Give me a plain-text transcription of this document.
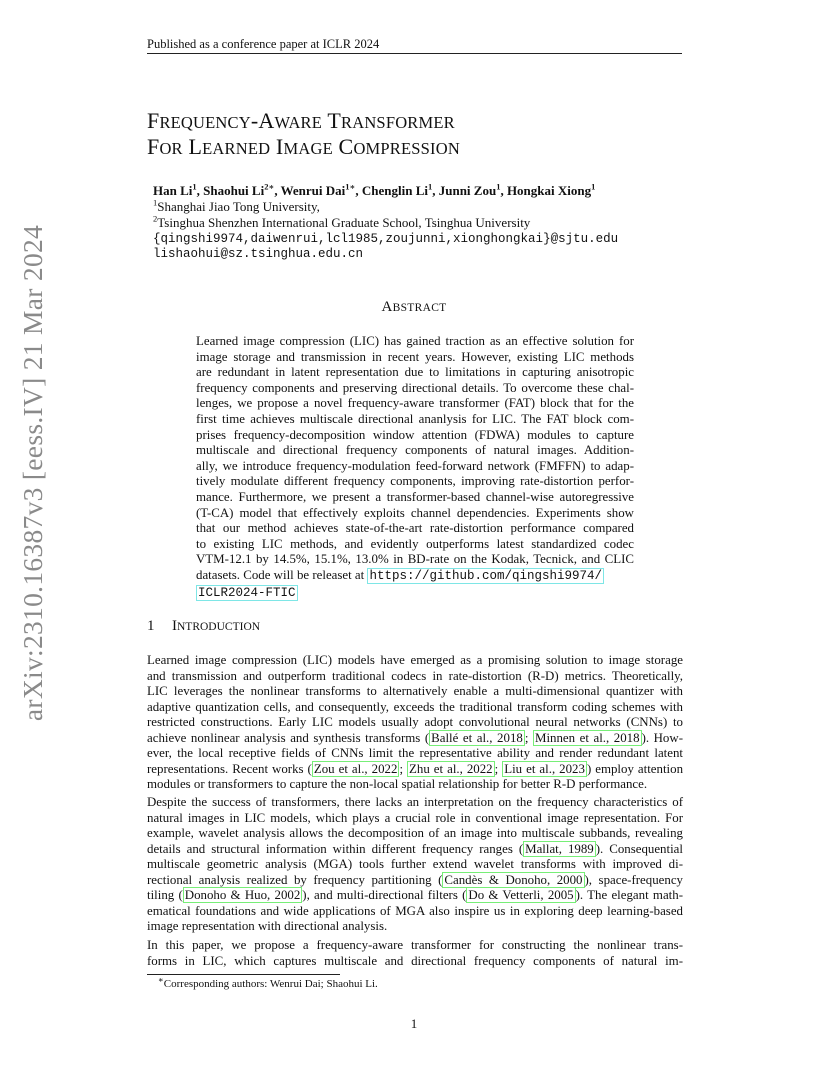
arXiv:2310.16387v3 [eess.IV] 21 Mar 2024
Published as a conference paper at ICLR 2024
FREQUENCY-AWARE TRANSFORMER
FOR LEARNED IMAGE COMPRESSION
Han Li$^1$, Shaohui $Li^{2∗}$, Wenrui Dai$^{1∗}$, Chenglin Li$^1$, Junni Zou$^1$, Hongkai Xiong$^1$
$^1$Shanghai Jiao Tong University,
$^2$Tsinghua Shenzhen International Graduate School, Tsinghua University
{qingshi9974,daiwenrui,lcl1985,zoujunni,xionghongkai}@sjtu.edu
lishaohui@sz.tsinghua.edu.cn
ABSTRACT
Learned image compression (LIC) has gained traction as an effective solution for
image storage and transmission in recent years. However, existing LIC methods
are redundant in latent representation due to limitations in capturing anisotropic
frequency components and preserving directional details. To overcome these chal-
lenges, we propose a novel frequency-aware transformer (FAT) block that for the
first time achieves multiscale directional ananlysis for LIC. The FAT block com-
prises frequency-decomposition window attention (FDWA) modules to capture
multiscale and directional frequency components of natural images. Addition-
ally, we introduce frequency-modulation feed-forward network (FMFFN) to adap-
tively modulate different frequency components, improving rate-distortion perfor-
mance. Furthermore, we present a transformer-based channel-wise autoregressive
(T-CA) model that effectively exploits channel dependencies. Experiments show
that our method achieves state-of-the-art rate-distortion performance compared
to existing LIC methods, and evidently outperforms latest standardized codec
VTM-12.1 by 14.5%, 15.1%, 13.0% in BD-rate on the Kodak, Tecnick, and CLIC
datasets. Code will be releaset at https://github.com/qingshi9974/
ICLR2024-FTIC
1 INTRODUCTION
Learned image compression (LIC) models have emerged as a promising solution to image storage
and transmission and outperform traditional codecs in rate-distortion (R-D) metrics. Theoretically,
LIC leverages the nonlinear transforms to alternatively enable a multi-dimensional quantizer with
adaptive quantization cells, and consequently, exceeds the traditional transform coding schemes with
restricted constructions. Early LIC models usually adopt convolutional neural networks (CNNs) to
achieve nonlinear analysis and synthesis transforms ( Ballé et al., 2018 ; Minnen et al., 2018 ). How-
ever, the local receptive fields of CNNs limit the representative ability and render redundant latent
representations. Recent works ( Zou et al., 2022 ; Zhu et al., 2022 ; Liu et al., 2023 ) employ attention
modules or transformers to capture the non-local spatial relationship for better R-D performance.
Despite the success of transformers, there lacks an interpretation on the frequency characteristics of
natural images in LIC models, which plays a crucial role in conventional image representation. For
example, wavelet analysis allows the decomposition of an image into multiscale subbands, revealing
details and structural information within different frequency ranges ( Mallat, 1989 ). Consequential
multiscale geometric analysis (MGA) tools further extend wavelet transforms with improved di-
rectional analysis realized by frequency partitioning ( Candès & Donoho, 2000 ), space-frequency
tiling ( Donoho & Huo, 2002 ), and multi-directional filters ( Do & Vetterli, 2005 ). The elegant math-
ematical foundations and wide applications of MGA also inspire us in exploring deep learning-based
image representation with directional analysis.
In this paper, we propose a frequency-aware transformer for constructing the nonlinear trans-
forms in LIC, which captures multiscale and directional frequency components of natural im-
∗Corresponding authors: Wenrui Dai; Shaohui Li.
1
